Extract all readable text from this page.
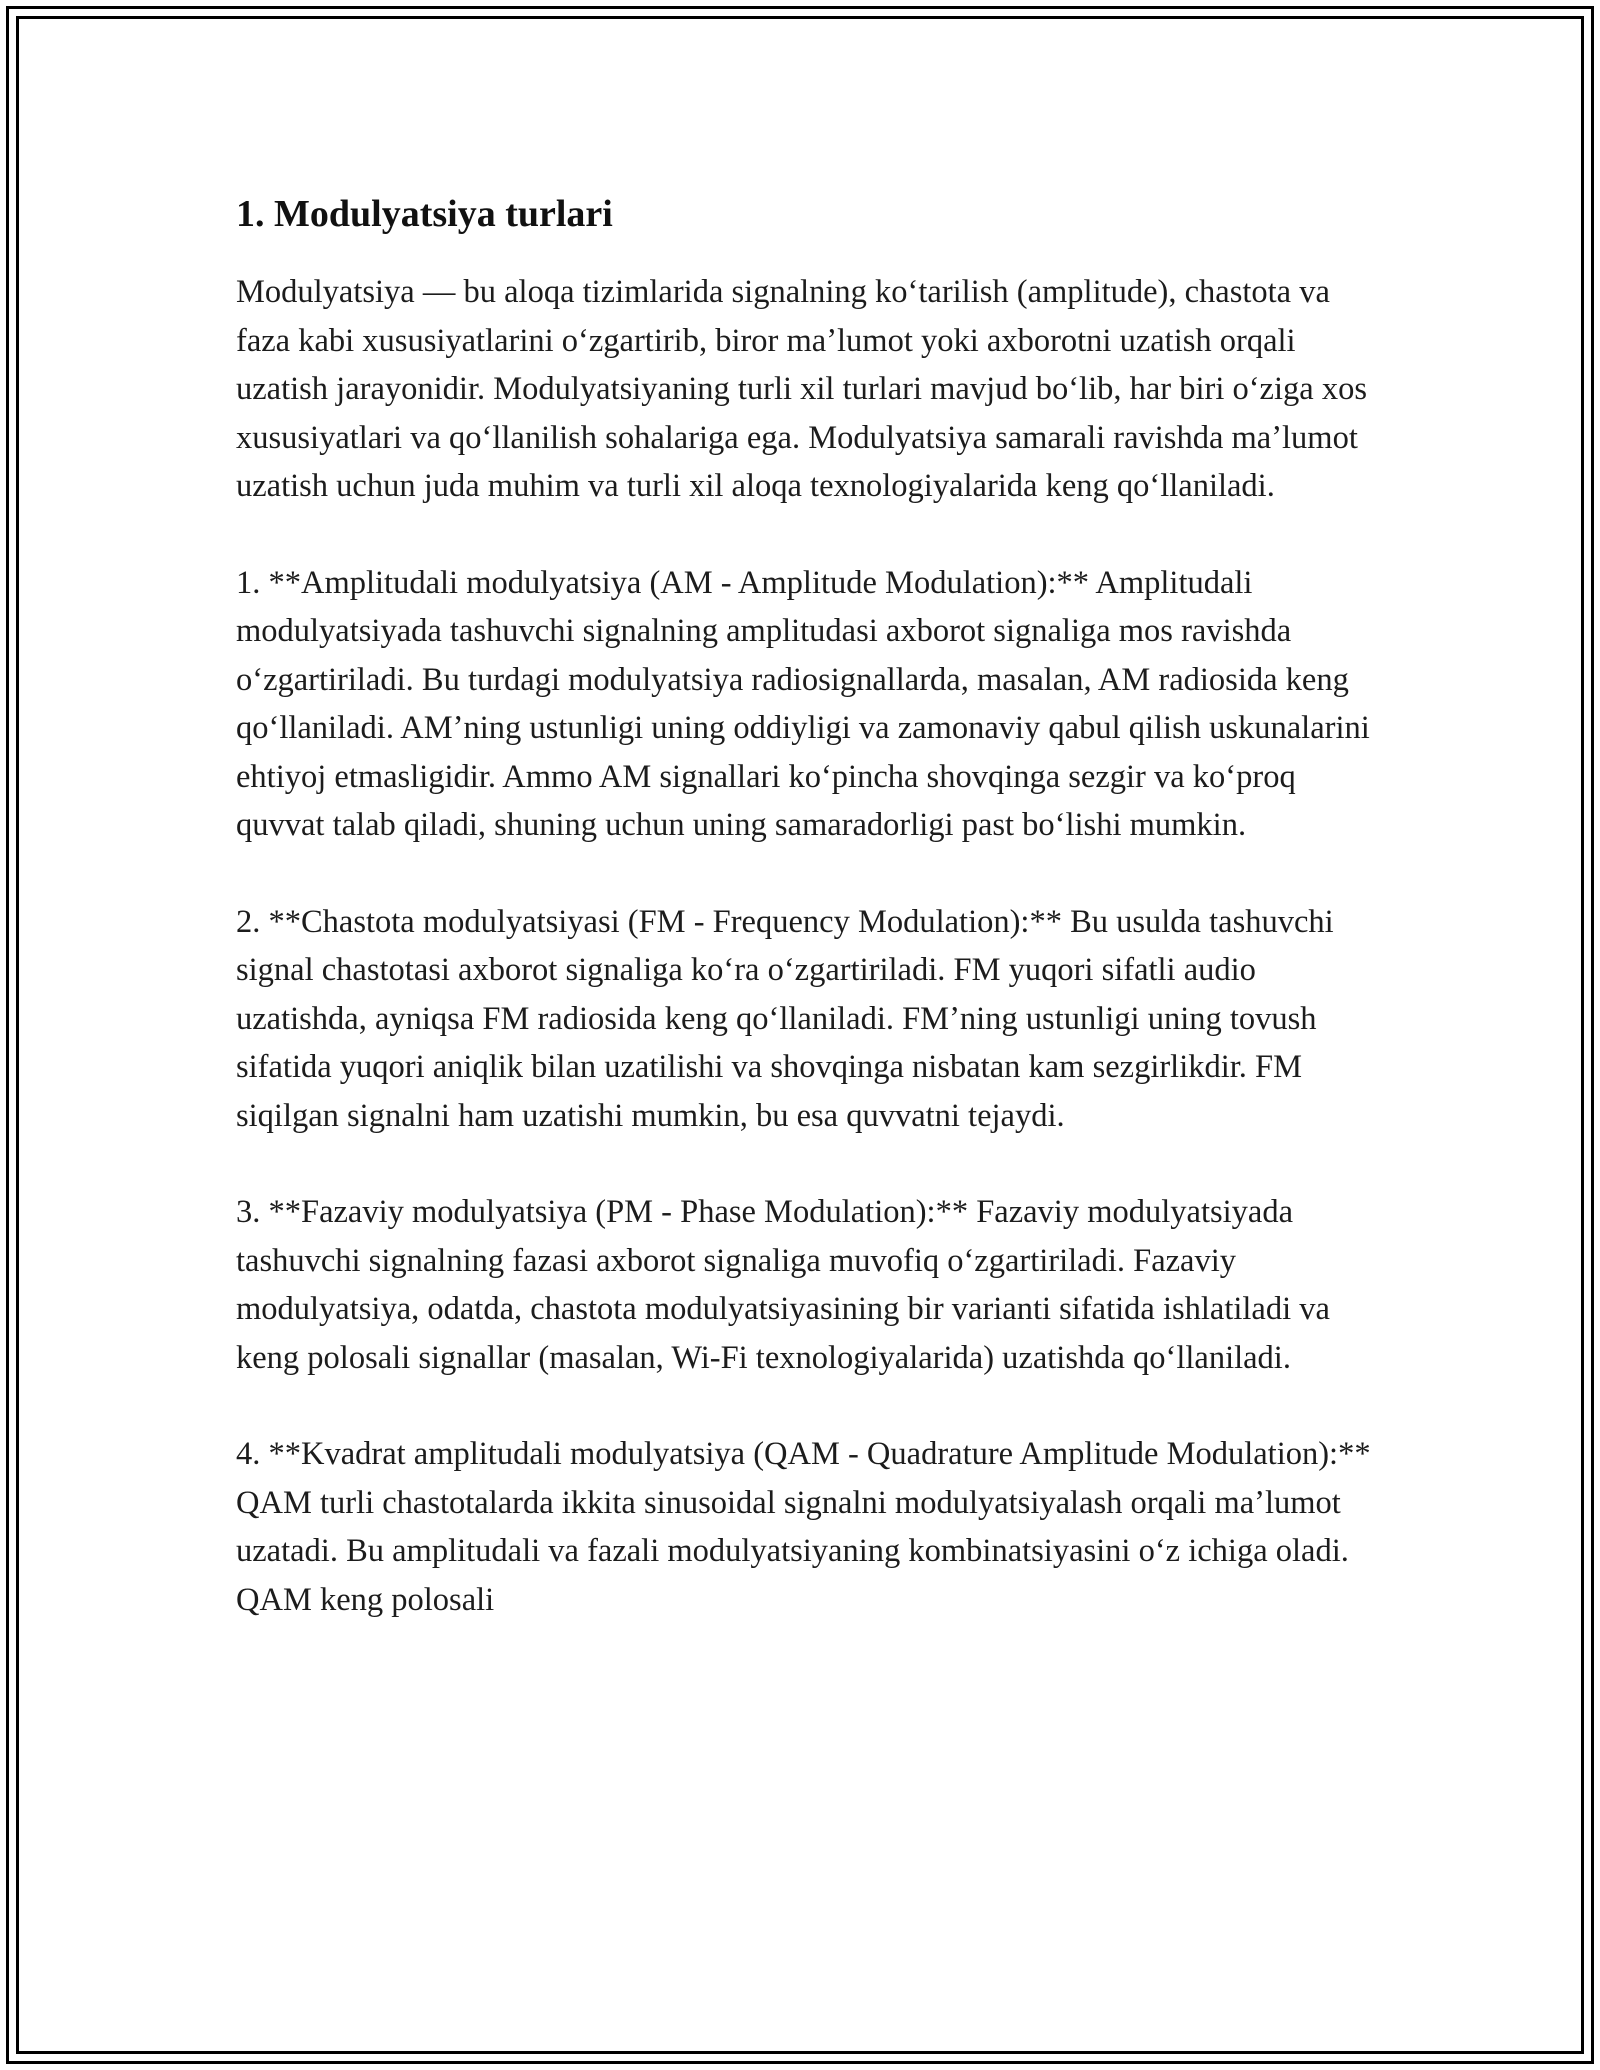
1. Modulyatsiya turlari

Modulyatsiya — bu aloqa tizimlarida signalning koʻtarilish (amplitude), chastota va faza kabi xususiyatlarini oʻzgartirib, biror maʼlumot yoki axborotni uzatish orqali uzatish jarayonidir. Modulyatsiyaning turli xil turlari mavjud boʻlib, har biri oʻziga xos xususiyatlari va qoʻllanilish sohalariga ega. Modulyatsiya samarali ravishda maʼlumot uzatish uchun juda muhim va turli xil aloqa texnologiyalarida keng qoʻllaniladi.

1. **Amplitudali modulyatsiya (AM - Amplitude Modulation):** Amplitudali modulyatsiyada tashuvchi signalning amplitudasi axborot signaliga mos ravishda oʻzgartiriladi. Bu turdagi modulyatsiya radiosignallarda, masalan, AM radiosida keng qoʻllaniladi. AMʼning ustunligi uning oddiyligi va zamonaviy qabul qilish uskunalarini ehtiyoj etmasligidir. Ammo AM signallari koʻpincha shovqinga sezgir va koʻproq quvvat talab qiladi, shuning uchun uning samaradorligi past boʻlishi mumkin.

2. **Chastota modulyatsiyasi (FM - Frequency Modulation):** Bu usulda tashuvchi signal chastotasi axborot signaliga koʻra oʻzgartiriladi. FM yuqori sifatli audio uzatishda, ayniqsa FM radiosida keng qoʻllaniladi. FMʼning ustunligi uning tovush sifatida yuqori aniqlik bilan uzatilishi va shovqinga nisbatan kam sezgirlikdir. FM siqilgan signalni ham uzatishi mumkin, bu esa quvvatni tejaydi.

3. **Fazaviy modulyatsiya (PM - Phase Modulation):** Fazaviy modulyatsiyada tashuvchi signalning fazasi axborot signaliga muvofiq oʻzgartiriladi. Fazaviy modulyatsiya, odatda, chastota modulyatsiyasining bir varianti sifatida ishlatiladi va keng polosali signallar (masalan, Wi-Fi texnologiyalarida) uzatishda qoʻllaniladi.

4. **Kvadrat amplitudali modulyatsiya (QAM - Quadrature Amplitude Modulation):** QAM turli chastotalarda ikkita sinusoidal signalni modulyatsiyalash orqali maʼlumot uzatadi. Bu amplitudali va fazali modulyatsiyaning kombinatsiyasini oʻz ichiga oladi. QAM keng polosali
